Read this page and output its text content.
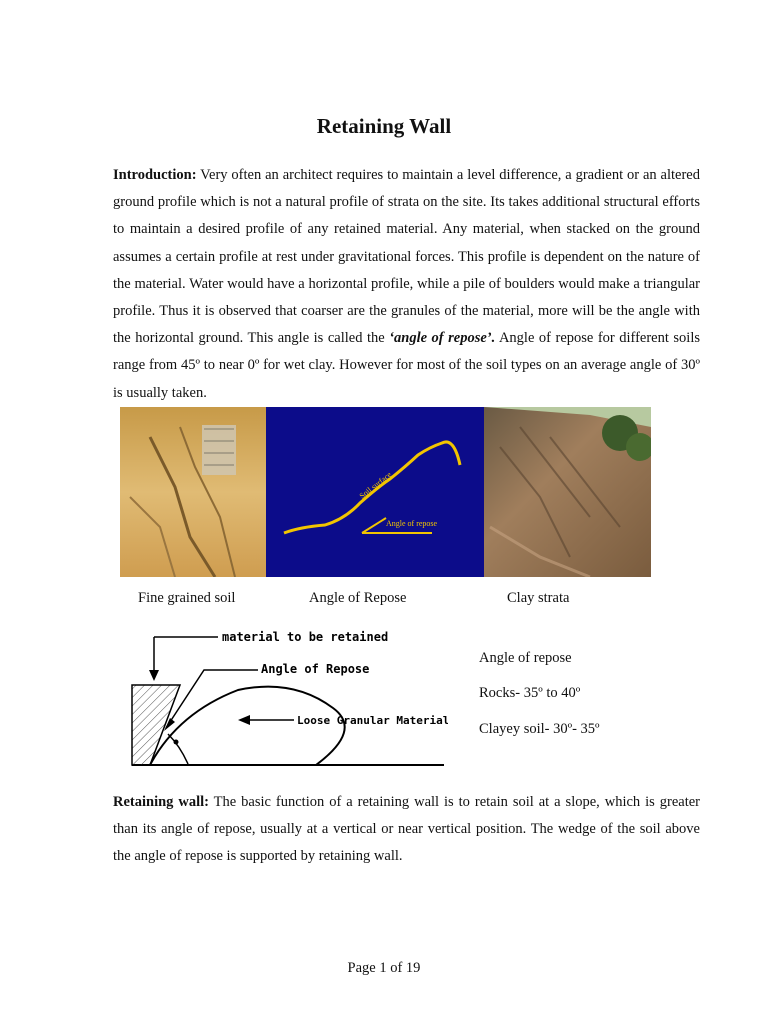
Retaining Wall

Introduction: Very often an architect requires to maintain a level difference, a gradient or an altered ground profile which is not a natural profile of strata on the site. Its takes additional structural efforts to maintain a desired profile of any retained material. Any material, when stacked on the ground assumes a certain profile at rest under gravitational forces. This profile is dependent on the nature of the material. Water would have a horizontal profile, while a pile of boulders would make a triangular profile. Thus it is observed that coarser are the granules of the material, more will be the angle with the horizontal ground. This angle is called the ‘angle of repose’. Angle of repose for different soils range from 45º to near 0º for wet clay. However for most of the soil types on an average angle of 30º is usually taken.

Soil surface
Angle of repose
Fine grained soil	Angle of Repose	Clay strata
material to be retained
Angle of Repose
Loose Granular Material
Angle of repose
Rocks- 35º to 40º
Clayey soil- 30º- 35º

Retaining wall: The basic function of a retaining wall is to retain soil at a slope, which is greater than its angle of repose, usually at a vertical or near vertical position. The wedge of the soil above the angle of repose is supported by retaining wall.

Page 1 of 19
